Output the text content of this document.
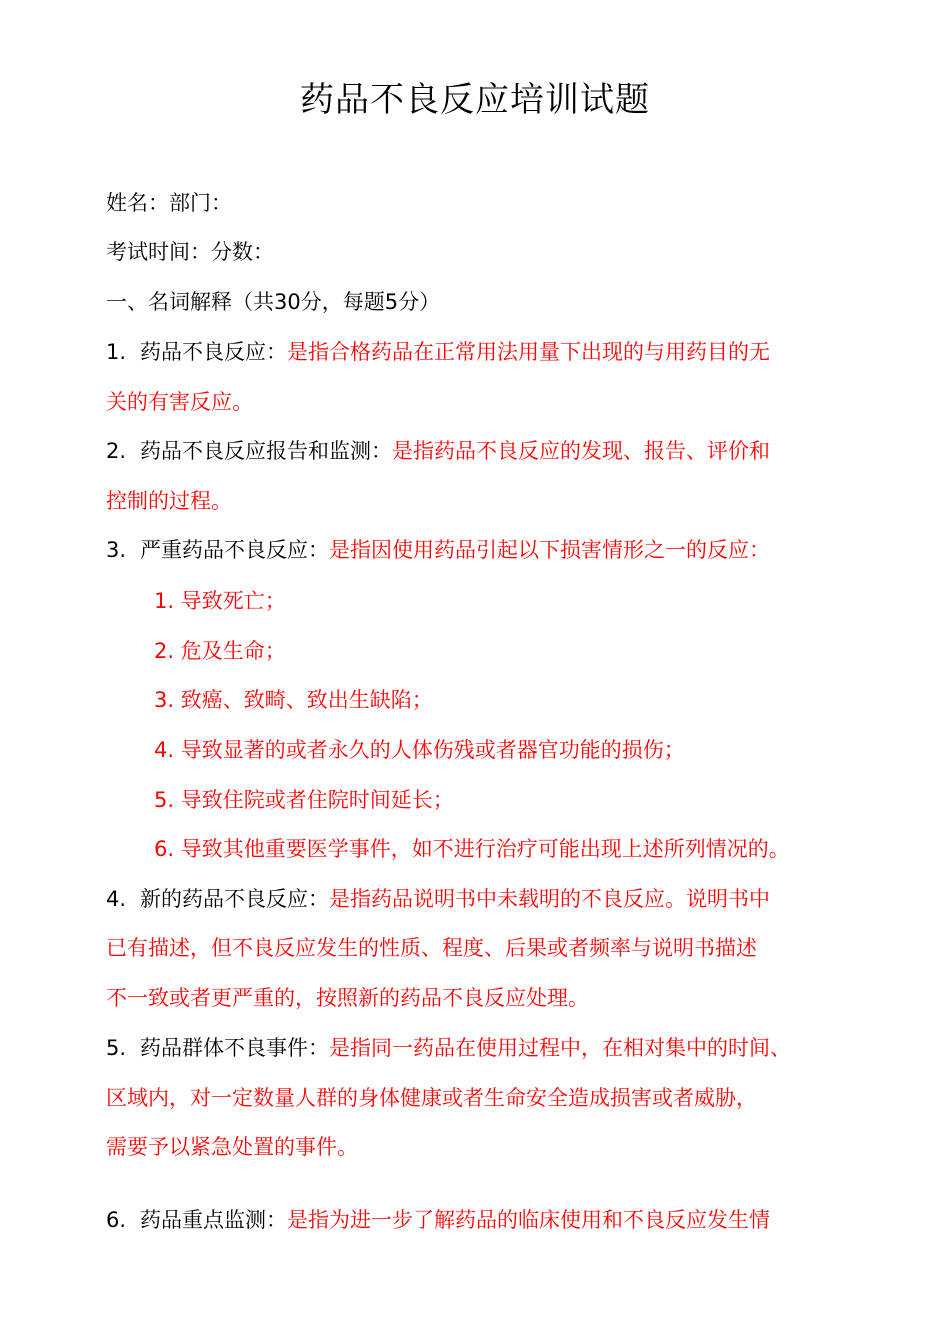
药品不良反应培训试题
姓名：部门：
考试时间：分数：
一、名词解释（共30分，每题5分）
1. 药品不良反应：是指合格药品在正常用法用量下出现的与用药目的无
关的有害反应。
2. 药品不良反应报告和监测：是指药品不良反应的发现、报告、评价和
控制的过程。
3. 严重药品不良反应：是指因使用药品引起以下损害情形之一的反应：
1. 导致死亡；
2. 危及生命；
3. 致癌、致畸、致出生缺陷；
4. 导致显著的或者永久的人体伤残或者器官功能的损伤；
5. 导致住院或者住院时间延长；
6. 导致其他重要医学事件，如不进行治疗可能出现上述所列情况的。
4. 新的药品不良反应：是指药品说明书中未载明的不良反应。说明书中
已有描述，但不良反应发生的性质、程度、后果或者频率与说明书描述
不一致或者更严重的，按照新的药品不良反应处理。
5. 药品群体不良事件：是指同一药品在使用过程中，在相对集中的时间、
区域内，对一定数量人群的身体健康或者生命安全造成损害或者威胁，
需要予以紧急处置的事件。
6. 药品重点监测：是指为进一步了解药品的临床使用和不良反应发生情
